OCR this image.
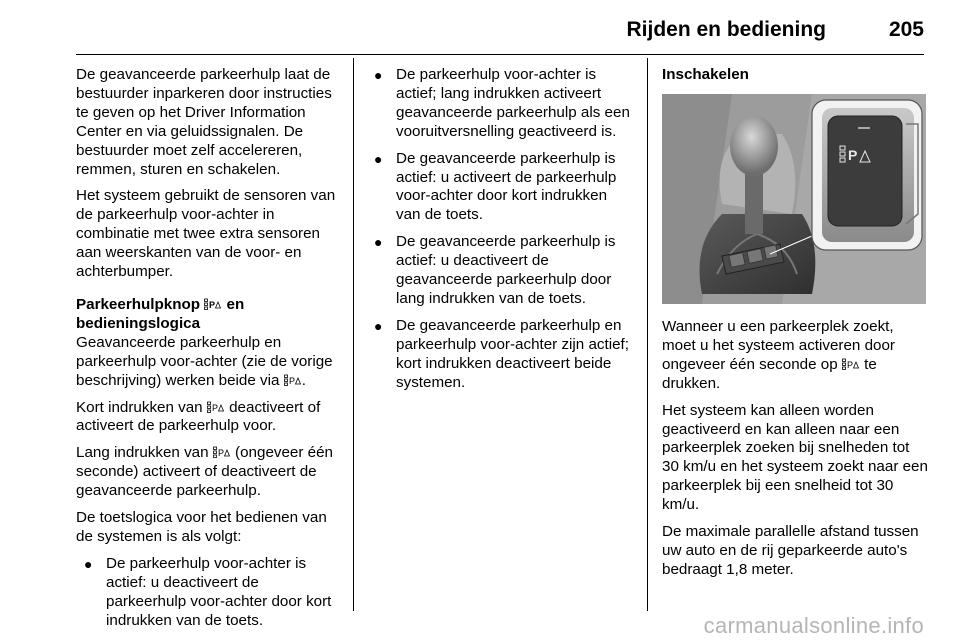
Rijden en bediening	205

De geavanceerde parkeerhulp laat de bestuurder inparkeren door instructies te geven op het Driver Information Center en via geluidssignalen. De bestuurder moet zelf accelereren, remmen, sturen en schakelen.

Het systeem gebruikt de sensoren van de parkeerhulp voor-achter in combinatie met twee extra sensoren aan weerskanten van de voor- en achterbumper.

Parkeerhulpknop P en bedieningslogica

Geavanceerde parkeerhulp en parkeerhulp voor-achter (zie de vorige beschrijving) werken beide via P .

Kort indrukken van P deactiveert of activeert de parkeerhulp voor.

Lang indrukken van P (ongeveer één seconde) activeert of deactiveert de geavanceerde parkeerhulp.

De toetslogica voor het bedienen van de systemen is als volgt:

● De parkeerhulp voor-achter is actief: u deactiveert de parkeerhulp voor-achter door kort indrukken van de toets.
● De parkeerhulp voor-achter is actief; lang indrukken activeert geavanceerde parkeerhulp als een vooruitversnelling geactiveerd is.
● De geavanceerde parkeerhulp is actief: u activeert de parkeerhulp voor-achter door kort indrukken van de toets.
● De geavanceerde parkeerhulp is actief: u deactiveert de geavanceerde parkeerhulp door lang indrukken van de toets.
● De geavanceerde parkeerhulp en parkeerhulp voor-achter zijn actief; kort indrukken deactiveert beide systemen.

Inschakelen

P

Wanneer u een parkeerplek zoekt, moet u het systeem activeren door ongeveer één seconde op P te drukken.

Het systeem kan alleen worden geactiveerd en kan alleen naar een parkeerplek zoeken bij snelheden tot 30 km/u en het systeem zoekt naar een parkeerplek bij een snelheid tot 30 km/u.

De maximale parallelle afstand tussen uw auto en de rij geparkeerde auto's bedraagt 1,8 meter.

carmanualsonline.info
